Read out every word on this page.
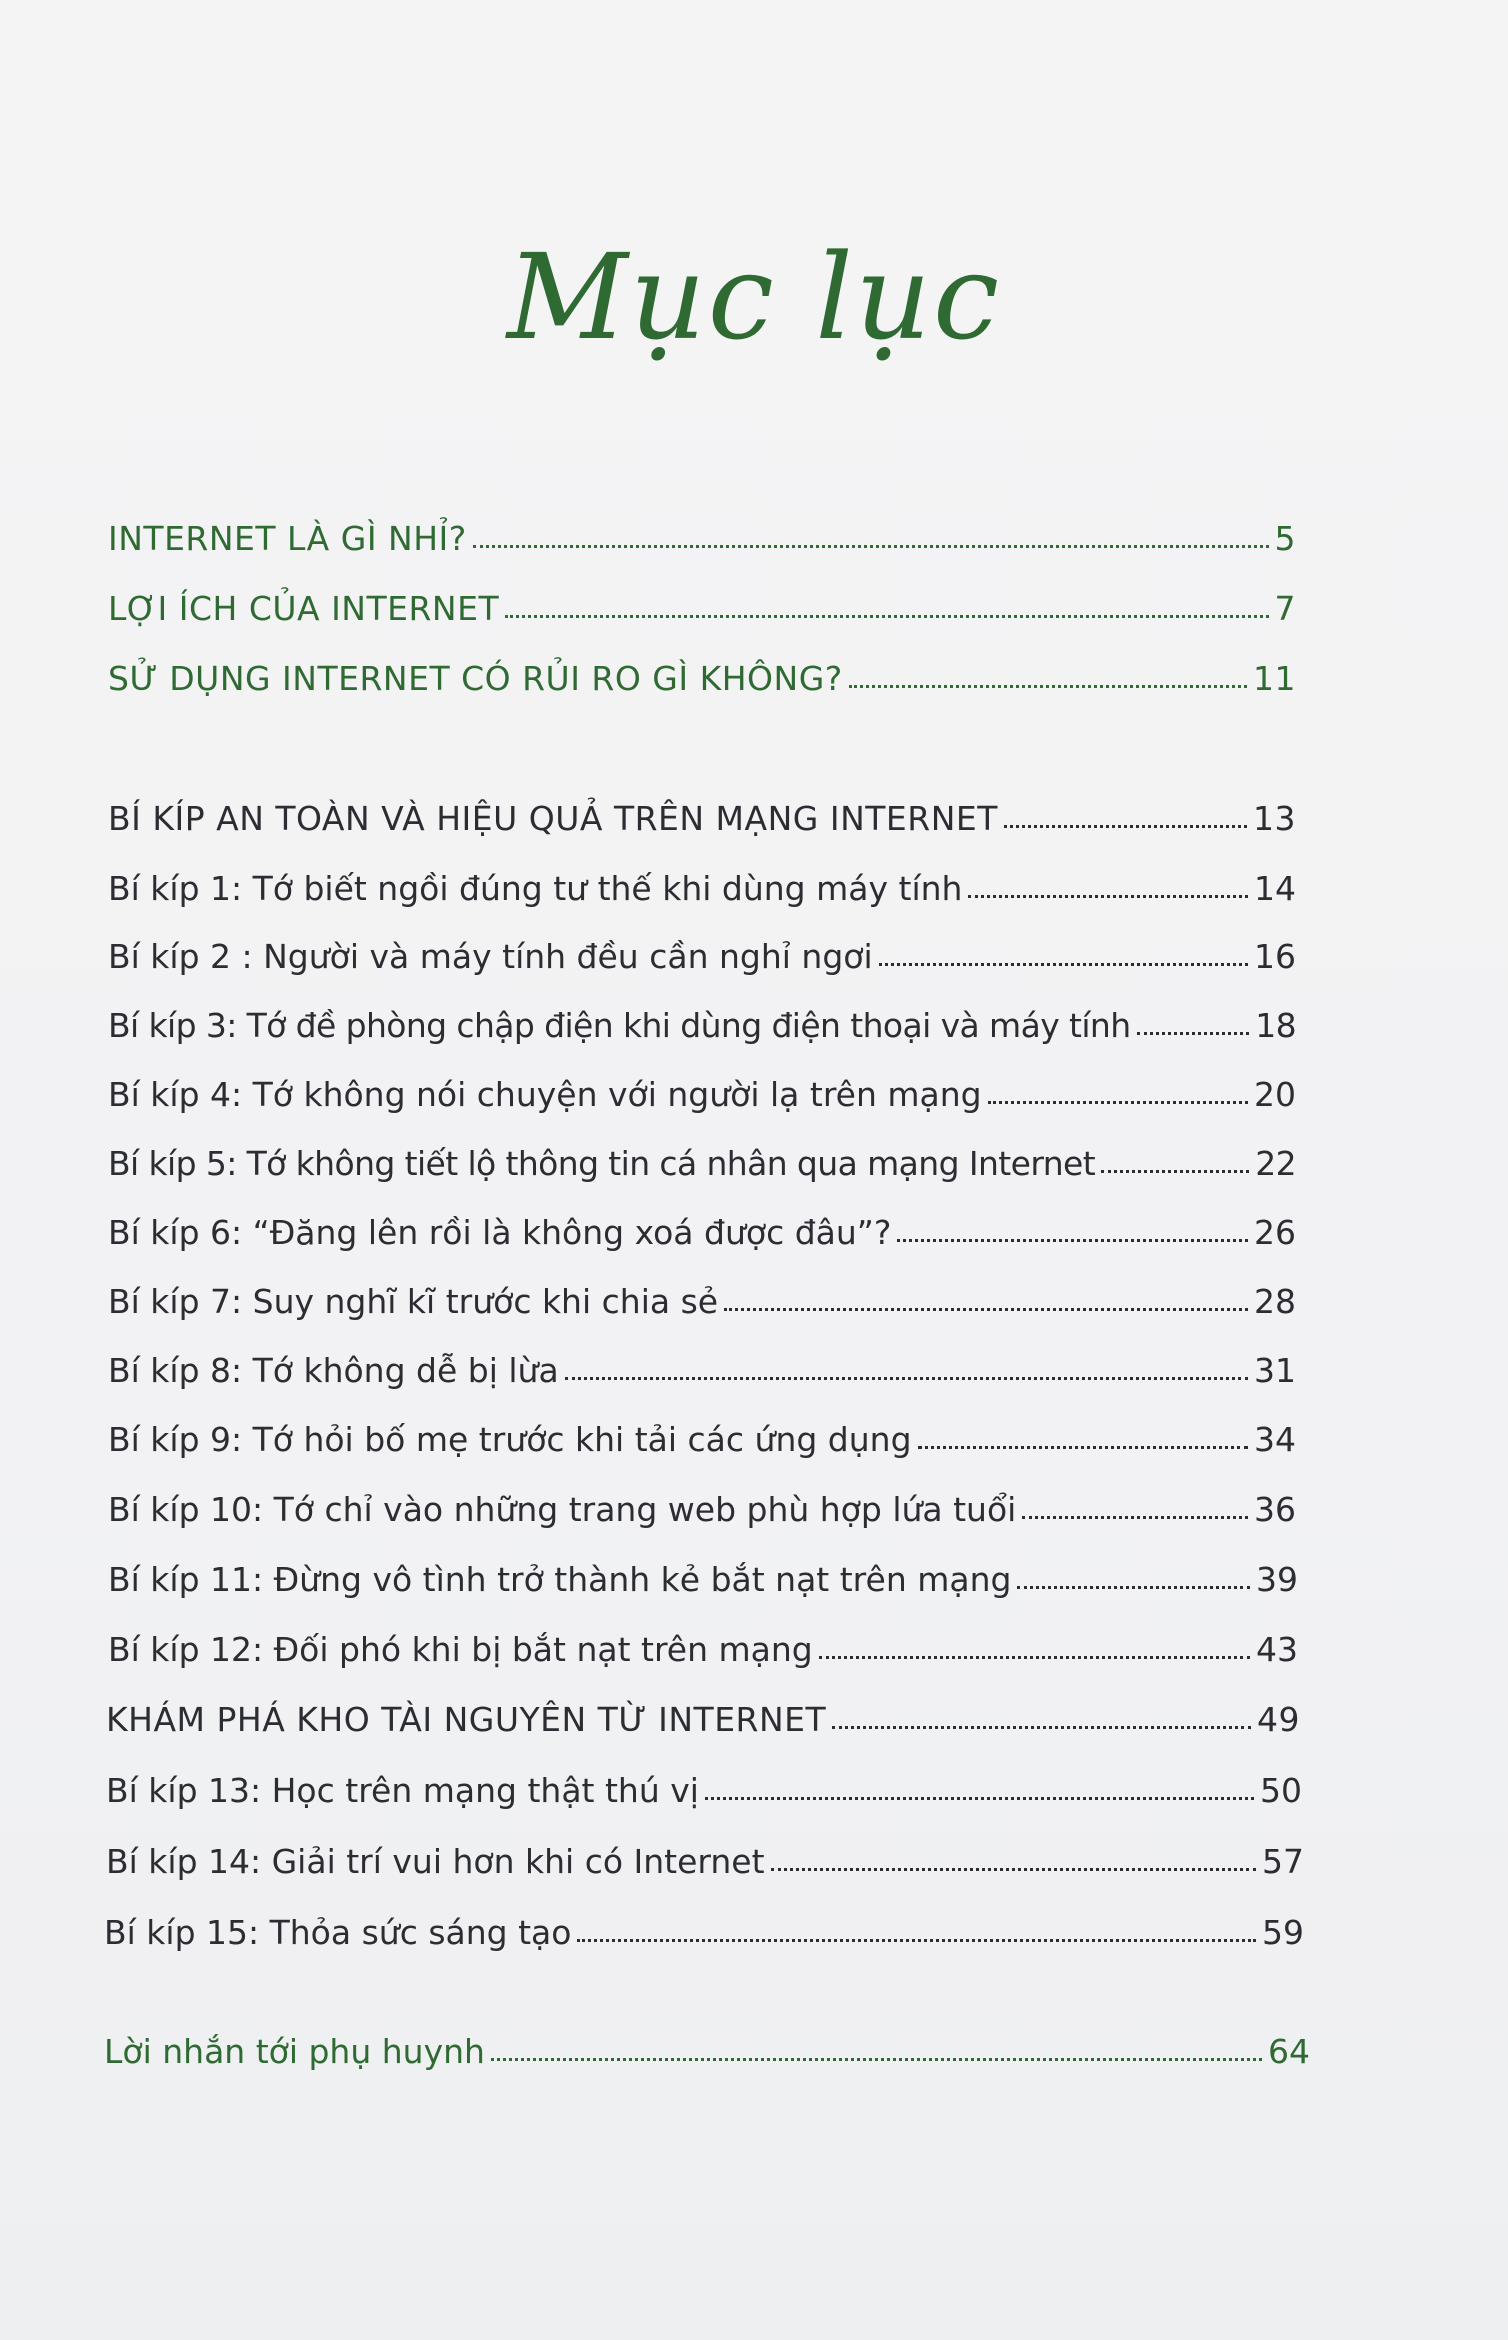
Mục lục
INTERNET LÀ GÌ NHỈ?	5
LỢI ÍCH CỦA INTERNET	7
SỬ DỤNG INTERNET CÓ RỦI RO GÌ KHÔNG?	11
BÍ KÍP AN TOÀN VÀ HIỆU QUẢ TRÊN MẠNG INTERNET	13
Bí kíp 1: Tớ biết ngồi đúng tư thế khi dùng máy tính	14
Bí kíp 2 : Người và máy tính đều cần nghỉ ngơi	16
Bí kíp 3: Tớ đề phòng chập điện khi dùng điện thoại và máy tính	18
Bí kíp 4: Tớ không nói chuyện với người lạ trên mạng	20
Bí kíp 5: Tớ không tiết lộ thông tin cá nhân qua mạng Internet	22
Bí kíp 6: “Đăng lên rồi là không xoá được đâu”?	26
Bí kíp 7: Suy nghĩ kĩ trước khi chia sẻ	28
Bí kíp 8: Tớ không dễ bị lừa	31
Bí kíp 9: Tớ hỏi bố mẹ trước khi tải các ứng dụng	34
Bí kíp 10: Tớ chỉ vào những trang web phù hợp lứa tuổi	36
Bí kíp 11: Đừng vô tình trở thành kẻ bắt nạt trên mạng	39
Bí kíp 12: Đối phó khi bị bắt nạt trên mạng	43
KHÁM PHÁ KHO TÀI NGUYÊN TỪ INTERNET	49
Bí kíp 13: Học trên mạng thật thú vị	50
Bí kíp 14: Giải trí vui hơn khi có Internet	57
Bí kíp 15: Thỏa sức sáng tạo	59
Lời nhắn tới phụ huynh	64
